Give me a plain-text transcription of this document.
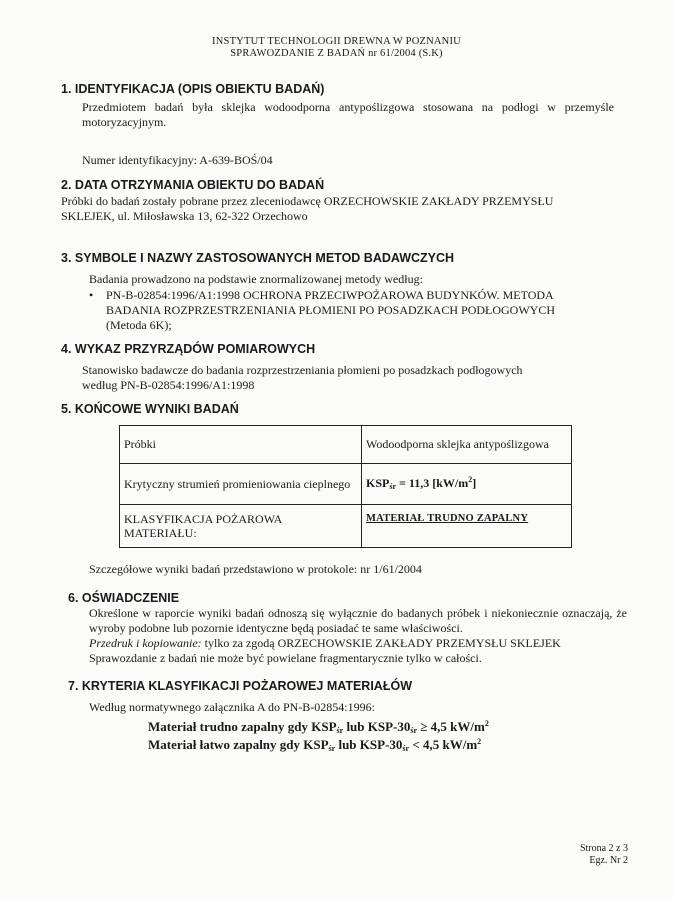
INSTYTUT TECHNOLOGII DREWNA W POZNANIU
SPRAWOZDANIE Z BADAŃ nr 61/2004 (S.K)
1. IDENTYFIKACJA (OPIS OBIEKTU BADAŃ)
Przedmiotem badań była sklejka wodoodporna antypoślizgowa stosowana na podłogi w przemyśle motoryzacyjnym.
Numer identyfikacyjny: A-639-BOŚ/04
2. DATA OTRZYMANIA OBIEKTU DO BADAŃ
Próbki do badań zostały pobrane przez zleceniodawcę ORZECHOWSKIE ZAKŁADY PRZEMYSŁU
SKLEJEK, ul. Miłosławska 13, 62-322 Orzechowo
3. SYMBOLE I NAZWY ZASTOSOWANYCH METOD BADAWCZYCH
Badania prowadzono na podstawie znormalizowanej metody według:
• PN-B-02854:1996/A1:1998 OCHRONA PRZECIWPOŻAROWA BUDYNKÓW. METODA
BADANIA ROZPRZESTRZENIANIA PŁOMIENI PO POSADZKACH PODŁOGOWYCH
(Metoda 6K);
4. WYKAZ PRZYRZĄDÓW POMIAROWYCH
Stanowisko badawcze do badania rozprzestrzeniania płomieni po posadzkach podłogowych
według PN-B-02854:1996/A1:1998
5. KOŃCOWE WYNIKI BADAŃ
Próbki	Wodoodporna sklejka antypoślizgowa
Krytyczny strumień promieniowania cieplnego	$KSP_{śr} = 11,3$ $[kW/m^2]$
KLASYFIKACJA POŻAROWA MATERIAŁU:	MATERIAŁ TRUDNO ZAPALNY
Szczegółowe wyniki badań przedstawiono w protokole: nr 1/61/2004
6. OŚWIADCZENIE
Określone w raporcie wyniki badań odnoszą się wyłącznie do badanych próbek i niekoniecznie oznaczają, że wyroby podobne lub pozornie identyczne będą posiadać te same właściwości.
Przedruk i kopiowanie: tylko za zgodą ORZECHOWSKIE ZAKŁADY PRZEMYSŁU SKLEJEK
Sprawozdanie z badań nie może być powielane fragmentarycznie tylko w całości.
7. KRYTERIA KLASYFIKACJI POŻAROWEJ MATERIAŁÓW
Według normatywnego załącznika A do PN-B-02854:1996:
Materiał trudno zapalny gdy $KSP_{śr}$ lub KSP-$30_{śr} \ge 4,5$ $kW/m^2$
Materiał łatwo zapalny gdy $KSP_{śr}$ lub KSP-$30_{śr} < 4,5$ $kW/m^2$
Strona 2 z 3
Egz. Nr 2
